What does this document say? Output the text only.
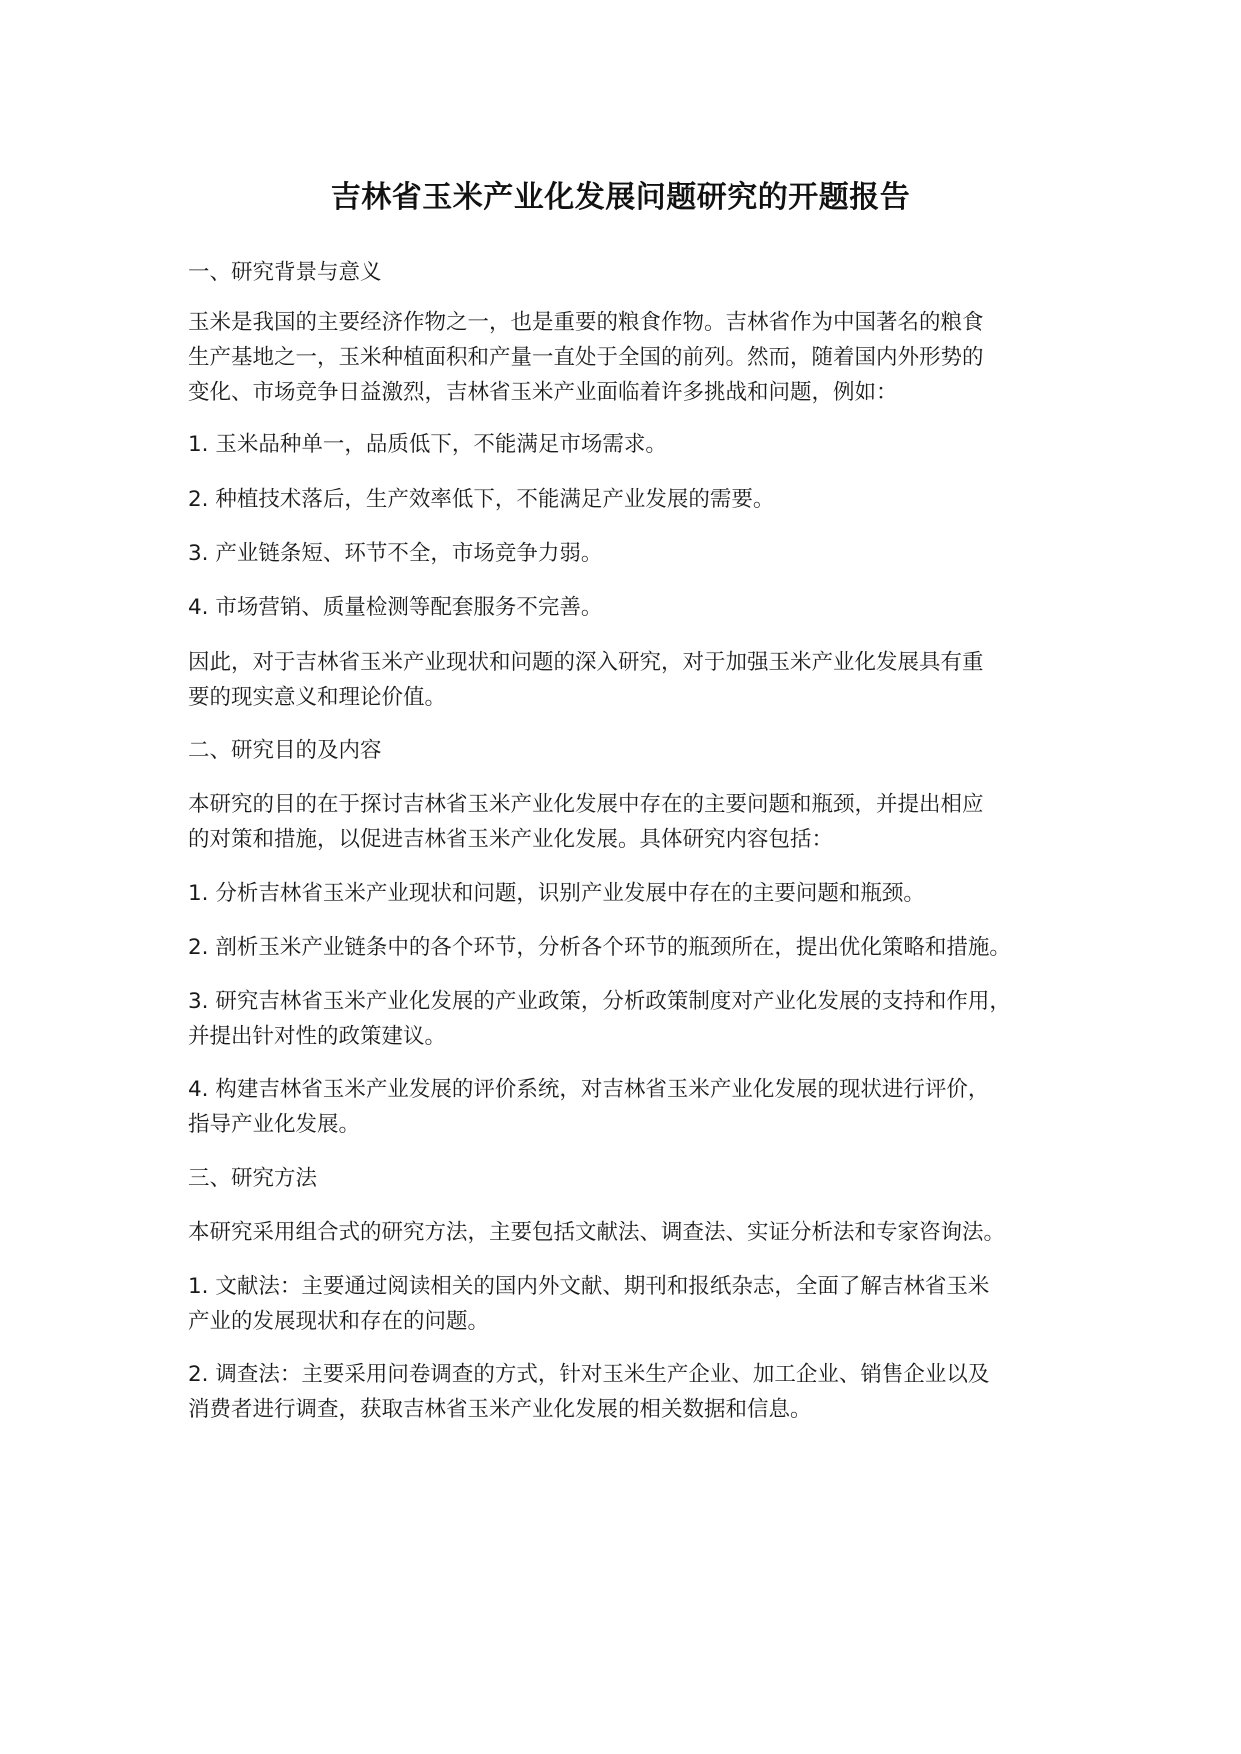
吉林省玉米产业化发展问题研究的开题报告

一、研究背景与意义

玉米是我国的主要经济作物之一，也是重要的粮食作物。吉林省作为中国著名的粮食
生产基地之一，玉米种植面积和产量一直处于全国的前列。然而，随着国内外形势的
变化、市场竞争日益激烈，吉林省玉米产业面临着许多挑战和问题，例如：

1. 玉米品种单一，品质低下，不能满足市场需求。

2. 种植技术落后，生产效率低下，不能满足产业发展的需要。

3. 产业链条短、环节不全，市场竞争力弱。

4. 市场营销、质量检测等配套服务不完善。

因此，对于吉林省玉米产业现状和问题的深入研究，对于加强玉米产业化发展具有重
要的现实意义和理论价值。

二、研究目的及内容

本研究的目的在于探讨吉林省玉米产业化发展中存在的主要问题和瓶颈，并提出相应
的对策和措施，以促进吉林省玉米产业化发展。具体研究内容包括：

1. 分析吉林省玉米产业现状和问题，识别产业发展中存在的主要问题和瓶颈。

2. 剖析玉米产业链条中的各个环节，分析各个环节的瓶颈所在，提出优化策略和措施。

3. 研究吉林省玉米产业化发展的产业政策，分析政策制度对产业化发展的支持和作用，
并提出针对性的政策建议。

4. 构建吉林省玉米产业发展的评价系统，对吉林省玉米产业化发展的现状进行评价，
指导产业化发展。

三、研究方法

本研究采用组合式的研究方法，主要包括文献法、调查法、实证分析法和专家咨询法。

1. 文献法：主要通过阅读相关的国内外文献、期刊和报纸杂志，全面了解吉林省玉米
产业的发展现状和存在的问题。

2. 调查法：主要采用问卷调查的方式，针对玉米生产企业、加工企业、销售企业以及
消费者进行调查，获取吉林省玉米产业化发展的相关数据和信息。
